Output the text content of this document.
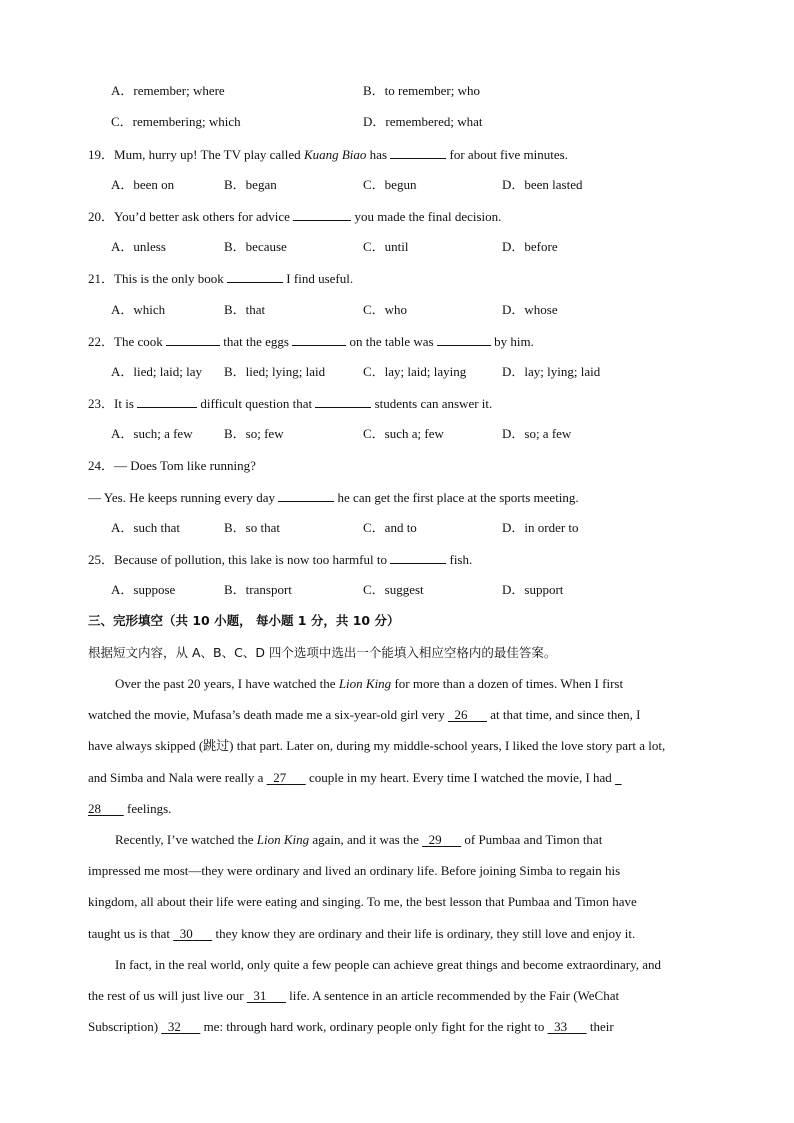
A．remember; where	B．to remember; who
C．remembering; which	D．remembered; what
19．Mum, hurry up! The TV play called Kuang Biao has	for about five minutes.
A．been on	B．began	C．begun	D．been lasted
20．You’d better ask others for advice	you made the final decision.
A．unless	B．because	C．until	D．before
21．This is the only book	I find useful.
A．which	B．that	C．who	D．whose
22．The cook	that the eggs	on the table was	by him.
A．lied; laid; lay B．lied; lying; laid	C．lay; laid; laying	D．lay; lying; laid
23．It is	difficult question that	students can answer it.
A．such; a few B．so; few	C．such a; few	D．so; a few
24．— Does Tom like running?
— Yes. He keeps running every day	he can get the first place at the sports meeting.
A．such that	B．so that	C．and to	D．in order to
25．Because of pollution, this lake is now too harmful to	fish.
A．suppose	B．transport	C．suggest	D．support
三、完形填空（共 10 小题， 每小题 1 分，共 10 分）
根据短文内容，从 A、B、C、D 四个选项中选出一个能填入相应空格内的最佳答案。
Over the past 20 years, I have watched the Lion King for more than a dozen of times. When I first
watched the movie, Mufasa’s death made me a six-year-old girl very   26       at that time, and since then, I
have always skipped (跳过) that part. Later on, during my middle-school years, I liked the love story part a lot,
and Simba and Nala were really a   27       couple in my heart. Every time I watched the movie, I had
28        feelings.
Recently, I’ve watched the Lion King again, and it was the   29       of Pumbaa and Timon that
impressed me most—they were ordinary and lived an ordinary life. Before joining Simba to regain his
kingdom, all about their life were eating and singing. To me, the best lesson that Pumbaa and Timon have
taught us is that   30       they know they are ordinary and their life is ordinary, they still love and enjoy it.
In fact, in the real world, only quite a few people can achieve great things and become extraordinary, and
the rest of us will just live our   31       life. A sentence in an article recommended by the Fair (WeChat
Subscription)   32       me: through hard work, ordinary people only fight for the right to   33       their
